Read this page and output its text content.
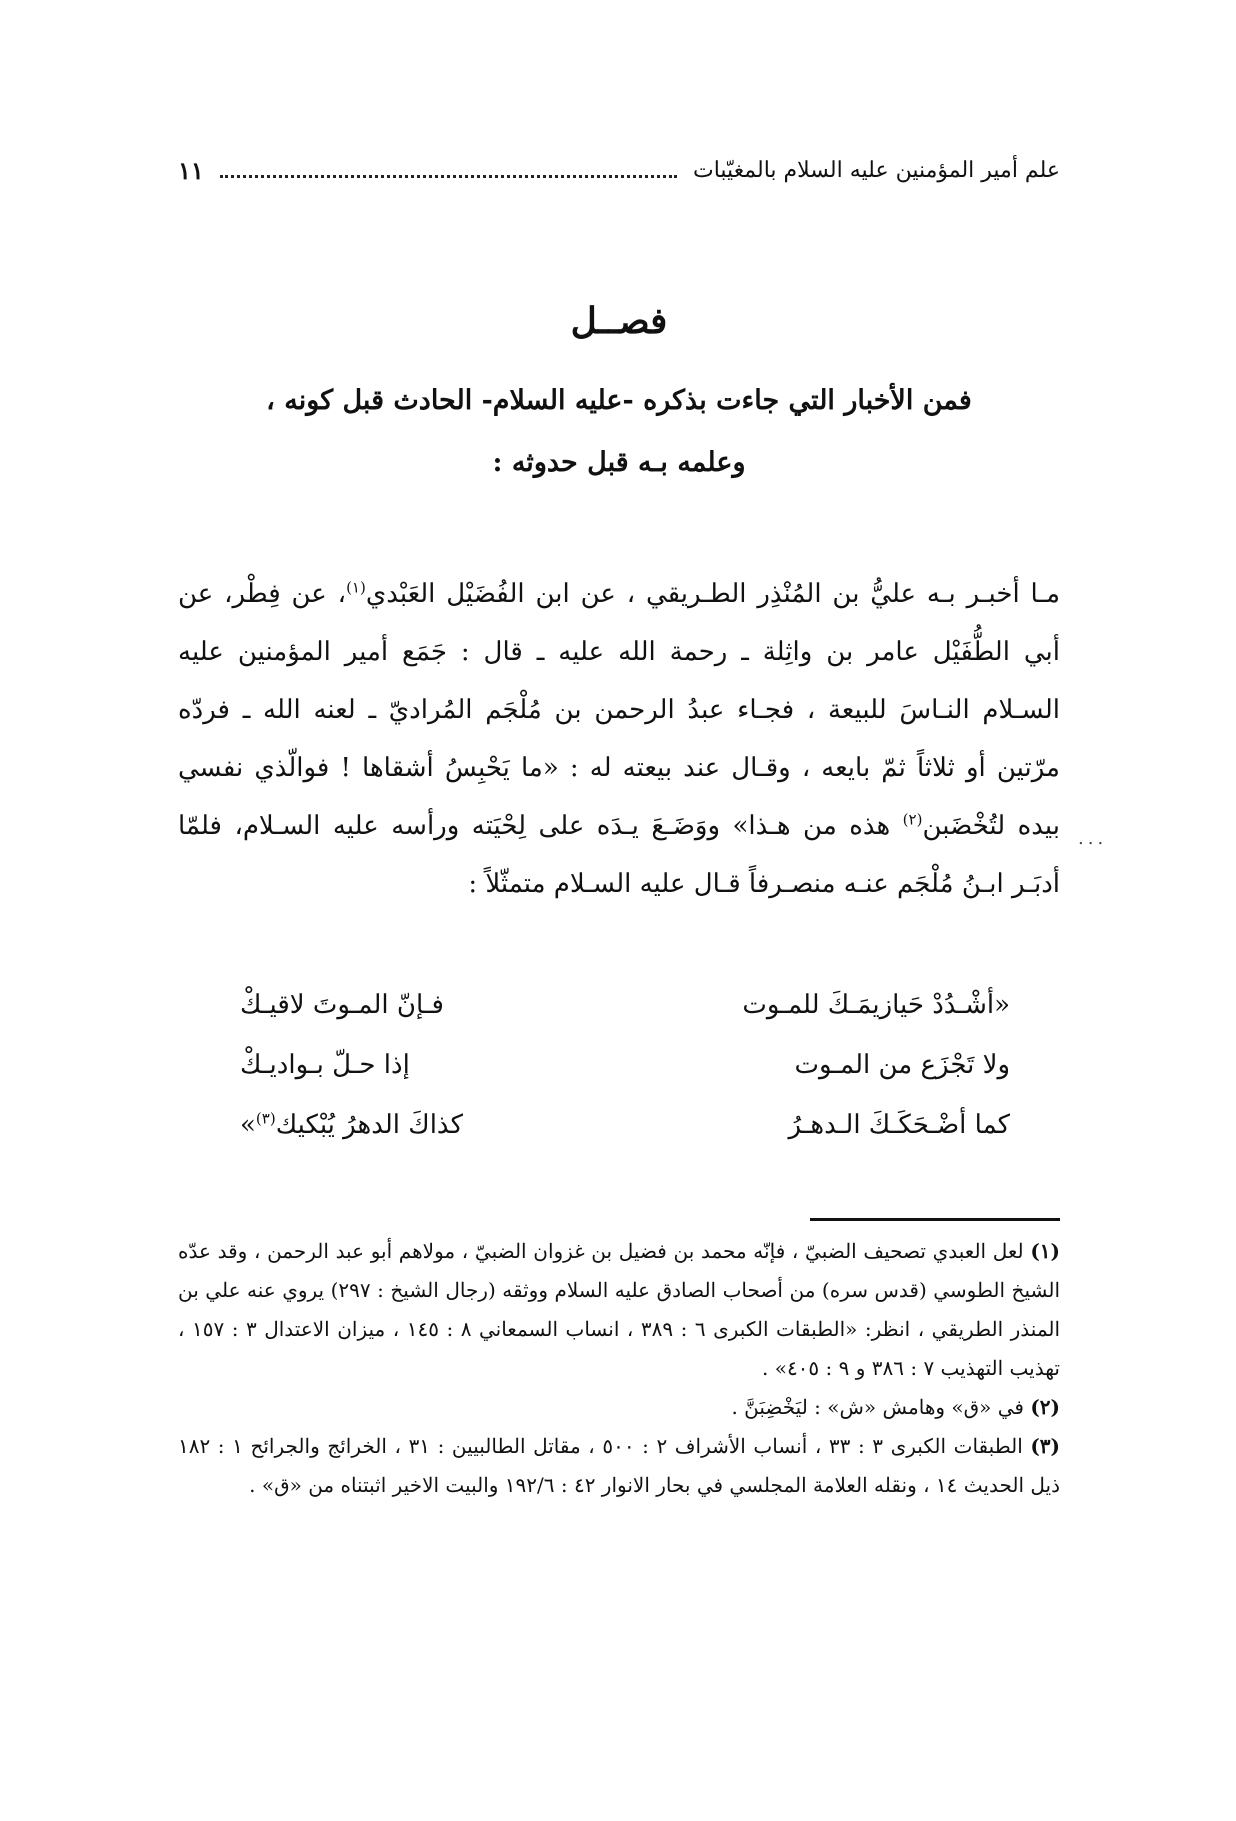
علم أمير المؤمنين عليه السلام بالمغيّبات
١١
فصــل
فمن الأخبار التي جاءت بذكره -عليه السلام- الحادث قبل كونه ،
وعلمه بـه قبل حدوثه :

مـا أخبـر بـه عليُّ بن المُنْذِر الطـريقي ، عن ابن الفُضَيْل العَبْدي$^{(١)}$، عن فِطْر، عن أبي الطُّفَيْل عامر بن واثِلة ـ رحمة الله عليه ـ قال : جَمَع أمير المؤمنين عليه السـلام النـاسَ للبيعة ، فجـاء عبدُ الرحمن بن مُلْجَم المُراديّ ـ لعنه الله ـ فردّه مرّتين أو ثلاثاً ثمّ بايعه ، وقـال عند بيعته له : «ما يَحْبِسُ أشقاها ! فوالّذي نفسي بيده لتُخْضَبن$^{(٢)}$ هذه من هـذا» ووَضَـعَ يـدَه على لِحْيَته ورأسه عليه السـلام، فلمّا أدبَـر ابـنُ مُلْجَم عنـه منصـرفاً قـال عليه السـلام متمثّلاً :

...
«أشْـدُدْ حَيازيمَـكَ للمـوت
فـإنّ المـوتَ لاقيـكْ
ولا تَجْزَع من المـوت
إذا حـلّ بـواديـكْ
كما أضْـحَكَـكَ الـدهـرُ
كذاكَ الدهرُ يُبْكيك$^{(٣)}$»

(١) لعل العبدي تصحيف الضبيّ ، فإنّه محمد بن فضيل بن غزوان الضبيّ ، مولاهم أبو عبد الرحمن ، وقد عدّه الشيخ الطوسي (قدس سره) من أصحاب الصادق عليه السلام ووثقه (رجال الشيخ : ٢٩٧) يروي عنه علي بن المنذر الطريقي ، انظر: «الطبقات الكبرى ٦ : ٣٨٩ ، انساب السمعاني ٨ : ١٤٥ ، ميزان الاعتدال ٣ : ١٥٧ ، تهذيب التهذيب ٧ : ٣٨٦ و ٩ : ٤٠٥» .

(٢) في «ق» وهامش «ش» : ليَخْضِبَنَّ .

(٣) الطبقات الكبرى ٣ : ٣٣ ، أنساب الأشراف ٢ : ٥٠٠ ، مقاتل الطالبيين : ٣١ ، الخرائج والجرائح ١ : ١٨٢ ذيل الحديث ١٤ ، ونقله العلامة المجلسي في بحار الانوار ٤٢ : ١٩٢/٦ والبيت الاخير اثبتناه من «ق» .
